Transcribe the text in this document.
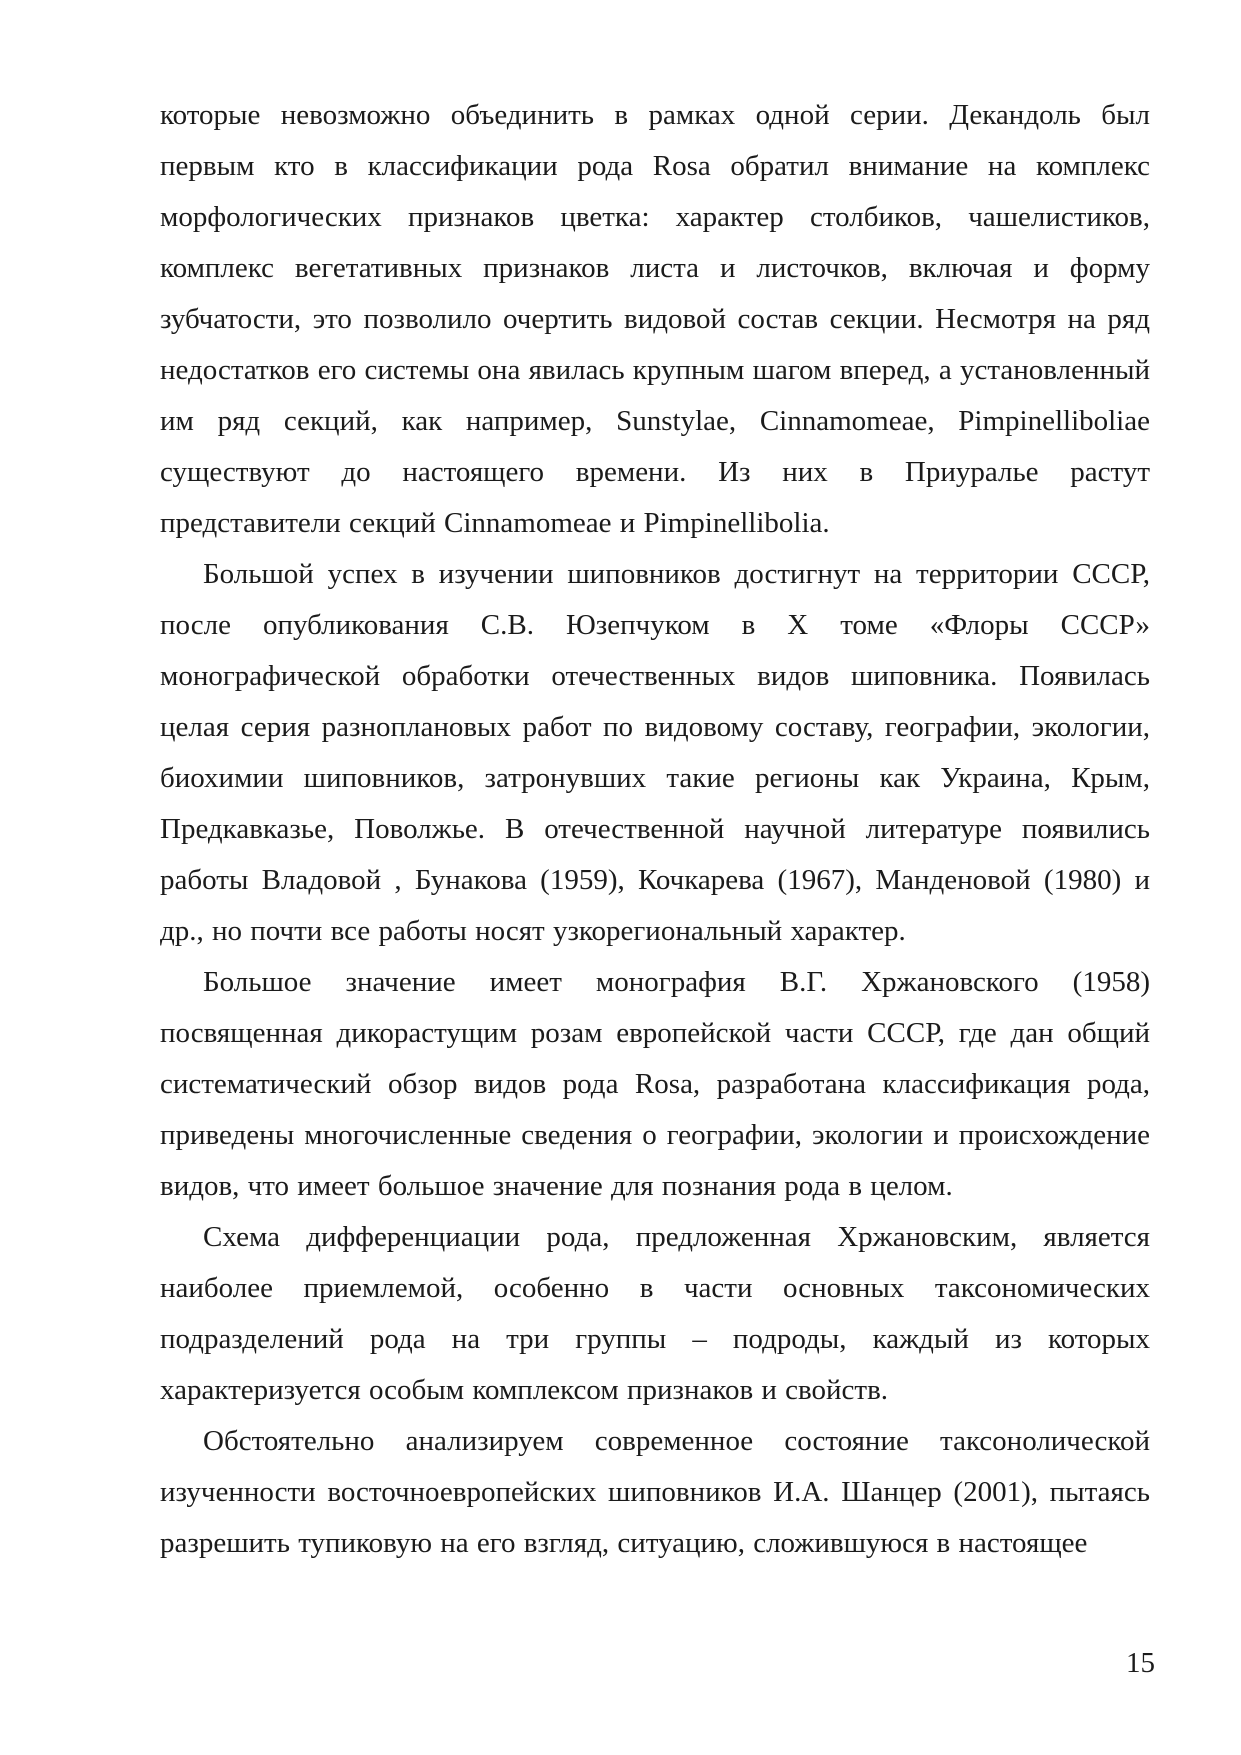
которые невозможно объединить в рамках одной серии. Декандоль был первым кто в классификации рода Rosa обратил внимание на комплекс морфологических признаков цветка: характер столбиков, чашелистиков, комплекс вегетативных признаков листа и листочков, включая и форму зубчатости, это позволило очертить видовой состав секции. Несмотря на ряд недостатков его системы она явилась крупным шагом вперед, а установленный им ряд секций, как например, Sunstylae, Cinnamomeae, Pimpinelliboliae существуют до настоящего времени. Из них в Приуралье растут представители секций Cinnamomeae и Pimpinellibolia.

Большой успех в изучении шиповников достигнут на территории СССР, после опубликования С.В. Юзепчуком в X томе «Флоры СССР» монографической обработки отечественных видов шиповника. Появилась целая серия разноплановых работ по видовому составу, географии, экологии, биохимии шиповников, затронувших такие регионы как Украина, Крым, Предкавказье, Поволжье. В отечественной научной литературе появились работы Владовой , Бунакова (1959), Кочкарева (1967), Манденовой (1980) и др., но почти все работы носят узкорегиональный характер.

Большое значение имеет монография В.Г. Хржановского (1958) посвященная дикорастущим розам европейской части СССР, где дан общий систематический обзор видов рода Rosa, разработана классификация рода, приведены многочисленные сведения о географии, экологии и происхождение видов, что имеет большое значение для познания рода в целом.

Схема дифференциации рода, предложенная Хржановским, является наиболее приемлемой, особенно в части основных таксономических подразделений рода на три группы – подроды, каждый из которых характеризуется особым комплексом признаков и свойств.

Обстоятельно анализируем современное состояние таксонолической изученности восточноевропейских шиповников И.А. Шанцер (2001), пытаясь разрешить тупиковую на его взгляд, ситуацию, сложившуюся в настоящее

15
